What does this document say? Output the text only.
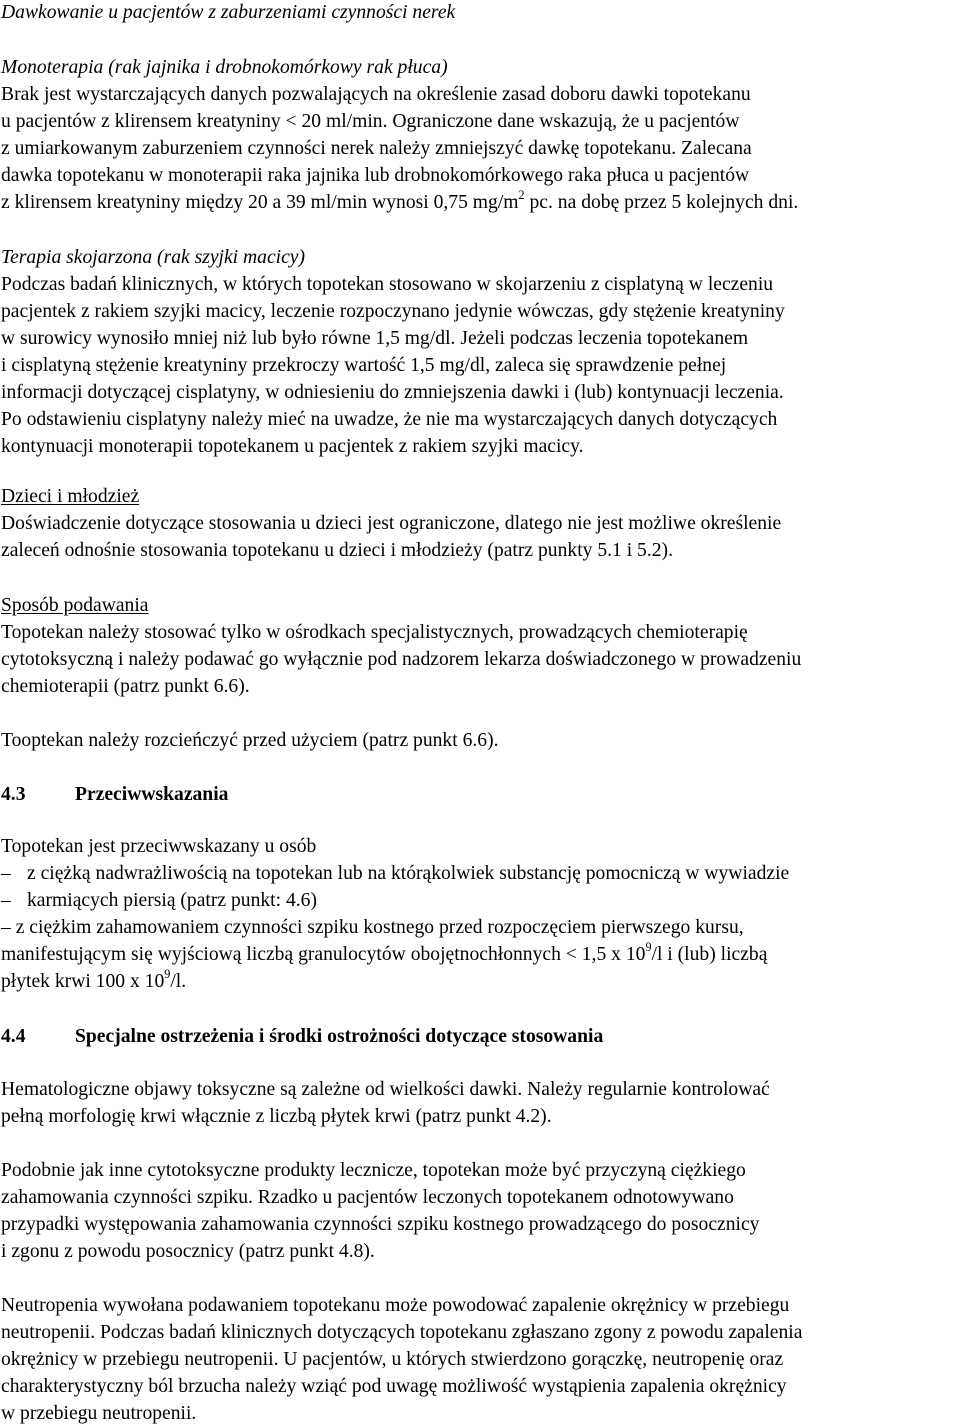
Dawkowanie u pacjentów z zaburzeniami czynności nerek
Monoterapia (rak jajnika i drobnokomórkowy rak płuca)
Brak jest wystarczających danych pozwalających na określenie zasad doboru dawki topotekanu
u pacjentów z klirensem kreatyniny < 20 ml/min. Ograniczone dane wskazują, że u pacjentów
z umiarkowanym zaburzeniem czynności nerek należy zmniejszyć dawkę topotekanu. Zalecana
dawka topotekanu w monoterapii raka jajnika lub drobnokomórkowego raka płuca u pacjentów
z klirensem kreatyniny między 20 a 39 ml/min wynosi 0,75 $mg/m^2$ pc. na dobę przez 5 kolejnych dni.
Terapia skojarzona (rak szyjki macicy)
Podczas badań klinicznych, w których topotekan stosowano w skojarzeniu z cisplatyną w leczeniu
pacjentek z rakiem szyjki macicy, leczenie rozpoczynano jedynie wówczas, gdy stężenie kreatyniny
w surowicy wynosiło mniej niż lub było równe 1,5 mg/dl. Jeżeli podczas leczenia topotekanem
i cisplatyną stężenie kreatyniny przekroczy wartość 1,5 mg/dl, zaleca się sprawdzenie pełnej
informacji dotyczącej cisplatyny, w odniesieniu do zmniejszenia dawki i (lub) kontynuacji leczenia.
Po odstawieniu cisplatyny należy mieć na uwadze, że nie ma wystarczających danych dotyczących
kontynuacji monoterapii topotekanem u pacjentek z rakiem szyjki macicy.
Dzieci i młodzież
Doświadczenie dotyczące stosowania u dzieci jest ograniczone, dlatego nie jest możliwe określenie
zaleceń odnośnie stosowania topotekanu u dzieci i młodzieży (patrz punkty 5.1 i 5.2).
Sposób podawania
Topotekan należy stosować tylko w ośrodkach specjalistycznych, prowadzących chemioterapię
cytotoksyczną i należy podawać go wyłącznie pod nadzorem lekarza doświadczonego w prowadzeniu
chemioterapii (patrz punkt 6.6).
Tooptekan należy rozcieńczyć przed użyciem (patrz punkt 6.6).
4.3	Przeciwwskazania
Topotekan jest przeciwwskazany u osób
– z ciężką nadwrażliwością na topotekan lub na którąkolwiek substancję pomocniczą w wywiadzie
– karmiących piersią (patrz punkt: 4.6)
– z ciężkim zahamowaniem czynności szpiku kostnego przed rozpoczęciem pierwszego kursu,
manifestującym się wyjściową liczbą granulocytów obojętnochłonnych < 1,5 x $10^9/l$ i (lub) liczbą
płytek krwi 100 x $10^9/l$.
4.4	Specjalne ostrzeżenia i środki ostrożności dotyczące stosowania
Hematologiczne objawy toksyczne są zależne od wielkości dawki. Należy regularnie kontrolować
pełną morfologię krwi włącznie z liczbą płytek krwi (patrz punkt 4.2).
Podobnie jak inne cytotoksyczne produkty lecznicze, topotekan może być przyczyną ciężkiego
zahamowania czynności szpiku. Rzadko u pacjentów leczonych topotekanem odnotowywano
przypadki występowania zahamowania czynności szpiku kostnego prowadzącego do posocznicy
i zgonu z powodu posocznicy (patrz punkt 4.8).
Neutropenia wywołana podawaniem topotekanu może powodować zapalenie okrężnicy w przebiegu
neutropenii. Podczas badań klinicznych dotyczących topotekanu zgłaszano zgony z powodu zapalenia
okrężnicy w przebiegu neutropenii. U pacjentów, u których stwierdzono gorączkę, neutropenię oraz
charakterystyczny ból brzucha należy wziąć pod uwagę możliwość wystąpienia zapalenia okrężnicy
w przebiegu neutropenii.
